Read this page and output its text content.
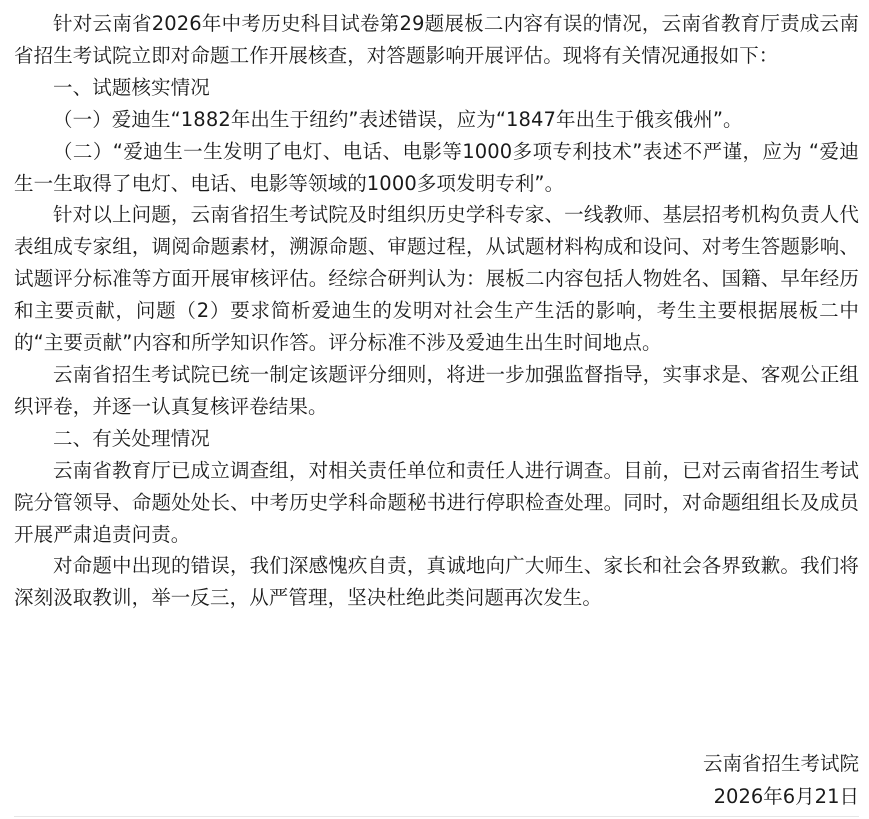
针对云南省2026年中考历史科目试卷第29题展板二内容有误的情况，云南省教育厅责成云南省招生考试院立即对命题工作开展核查，对答题影响开展评估。现将有关情况通报如下：

一、试题核实情况

（一）爱迪生“1882年出生于纽约”表述错误，应为“1847年出生于俄亥俄州”。

（二）“爱迪生一生发明了电灯、电话、电影等1000多项专利技术”表述不严谨，应为 “爱迪生一生取得了电灯、电话、电影等领域的1000多项发明专利”。

针对以上问题，云南省招生考试院及时组织历史学科专家、一线教师、基层招考机构负责人代表组成专家组，调阅命题素材，溯源命题、审题过程，从试题材料构成和设问、对考生答题影响、试题评分标准等方面开展审核评估。经综合研判认为：展板二内容包括人物姓名、国籍、早年经历和主要贡献，问题（2）要求简析爱迪生的发明对社会生产生活的影响，考生主要根据展板二中的“主要贡献”内容和所学知识作答。评分标准不涉及爱迪生出生时间地点。

云南省招生考试院已统一制定该题评分细则，将进一步加强监督指导，实事求是、客观公正组织评卷，并逐一认真复核评卷结果。

二、有关处理情况

云南省教育厅已成立调查组，对相关责任单位和责任人进行调查。目前，已对云南省招生考试院分管领导、命题处处长、中考历史学科命题秘书进行停职检查处理。同时，对命题组组长及成员开展严肃追责问责。

对命题中出现的错误，我们深感愧疚自责，真诚地向广大师生、家长和社会各界致歉。我们将深刻汲取教训，举一反三，从严管理，坚决杜绝此类问题再次发生。

云南省招生考试院
2026年6月21日
